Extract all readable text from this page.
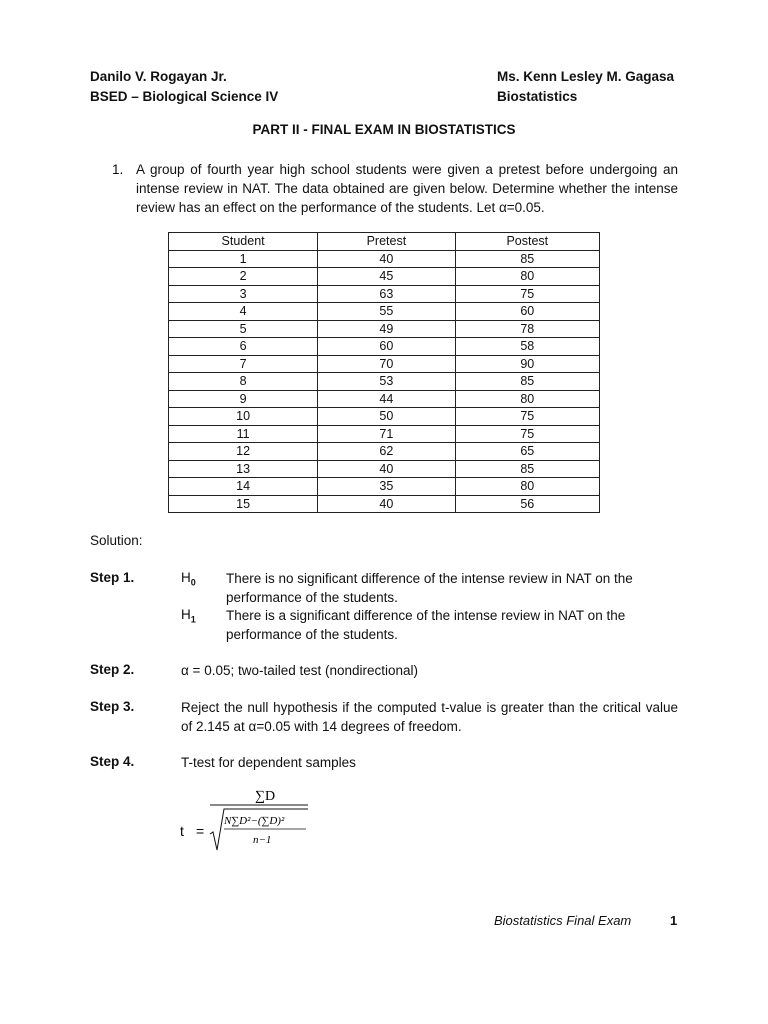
Danilo V. Rogayan Jr.
BSED – Biological Science IV
Ms. Kenn Lesley M. Gagasa
Biostatistics
PART II - FINAL EXAM IN BIOSTATISTICS
1. A group of fourth year high school students were given a pretest before undergoing an intense review in NAT. The data obtained are given below. Determine whether the intense review has an effect on the performance of the students. Let α=0.05.
Student	Pretest	Postest
1	40	85
2	45	80
3	63	75
4	55	60
5	49	78
6	60	58
7	70	90
8	53	85
9	44	80
10	50	75
11	71	75
12	62	65
13	40	85
14	35	80
15	40	56
Solution:
Step 1.	$H_0$ There is no significant difference of the intense review in NAT on the performance of the students.
$H_1$ There is a significant difference of the intense review in NAT on the performance of the students.
Step 2.	α = 0.05; two-tailed test (nondirectional)
Step 3.	Reject the null hypothesis if the computed t-value is greater than the critical value of 2.145 at α=0.05 with 14 degrees of freedom.
Step 4.	T-test for dependent samples
t =
∑D
N∑D²−(∑D)²
n−1
Biostatistics Final Exam	1
